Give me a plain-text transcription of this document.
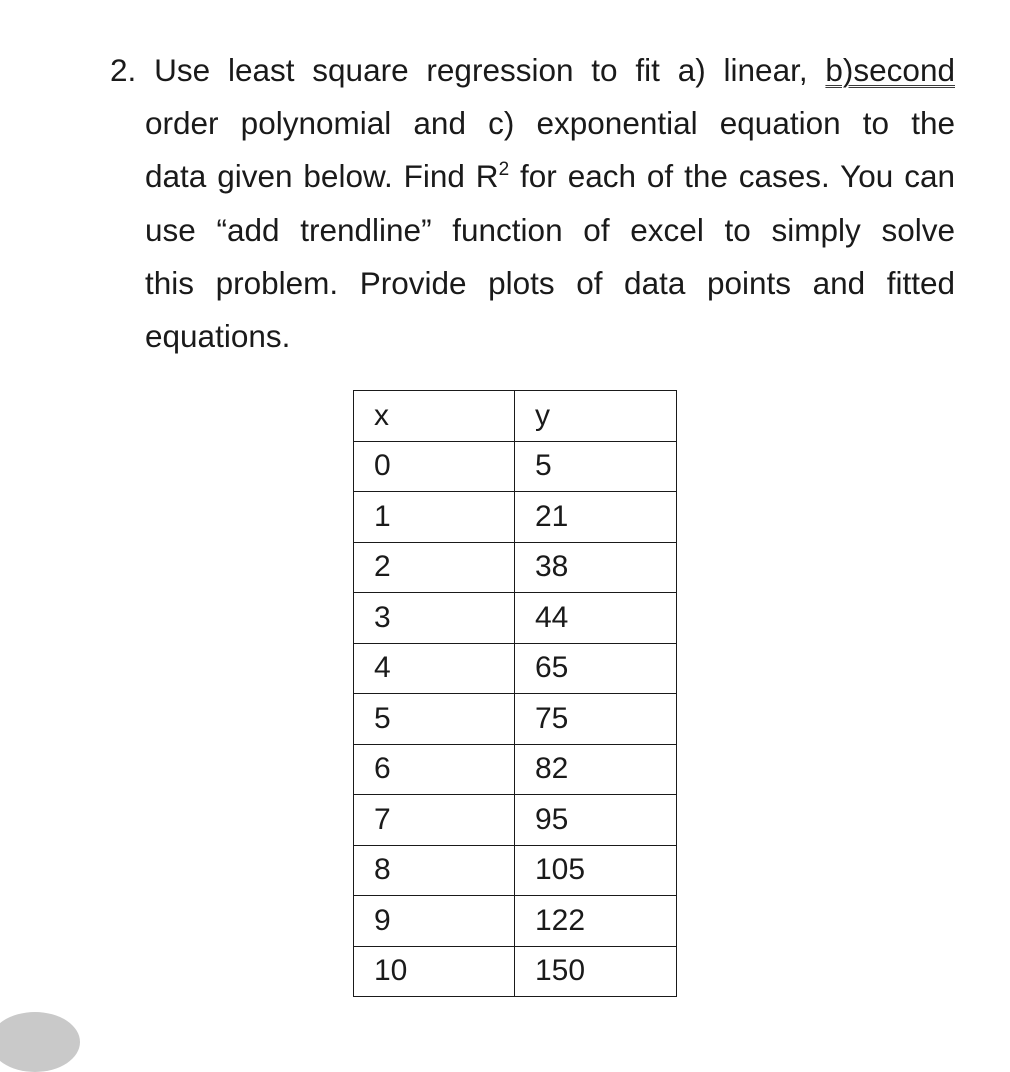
2. Use least square regression to fit a) linear, b)second
order polynomial and c) exponential equation to the
data given below. Find $R^2$ for each of the cases. You can
use “add trendline” function of excel to simply solve
this problem. Provide plots of data points and fitted
equations.
x	y
0	5
1	21
2	38
3	44
4	65
5	75
6	82
7	95
8	105
9	122
10	150
